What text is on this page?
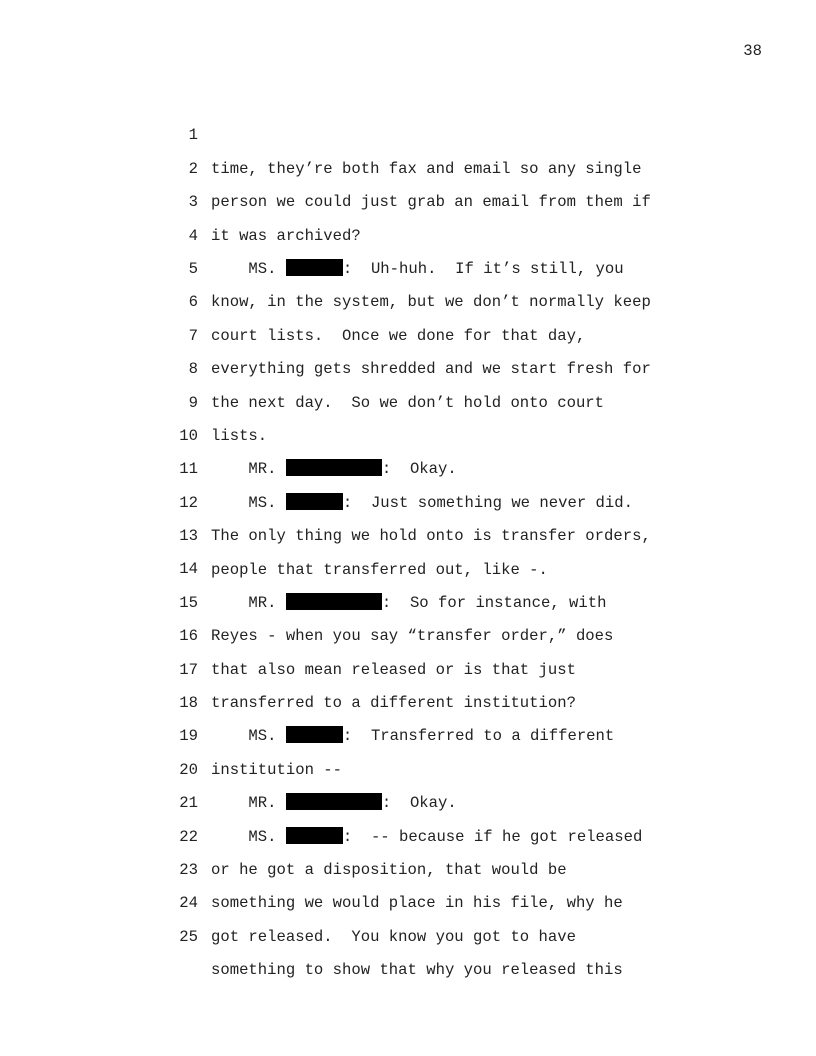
38

1

time, they’re both fax and email so any single

2

person we could just grab an email from them if

3

it was archived?

4

MS.	:  Uh-huh.  If it’s still, you

5

know, in the system, but we don’t normally keep

6

court lists.  Once we done for that day,

7

everything gets shredded and we start fresh for

8

the next day.  So we don’t hold onto court

9

lists.

10

MR.	:  Okay.

11

MS.	:  Just something we never did.

12

The only thing we hold onto is transfer orders,

13

people that transferred out, like -.

14

MR.	:  So for instance, with

15

Reyes - when you say “transfer order,” does

16

that also mean released or is that just

17

transferred to a different institution?

18

MS.	:  Transferred to a different

19

institution --

20

MR.	:  Okay.

21

MS.	:  -- because if he got released

22

or he got a disposition, that would be

23

something we would place in his file, why he

24

got released.  You know you got to have

25

something to show that why you released this
